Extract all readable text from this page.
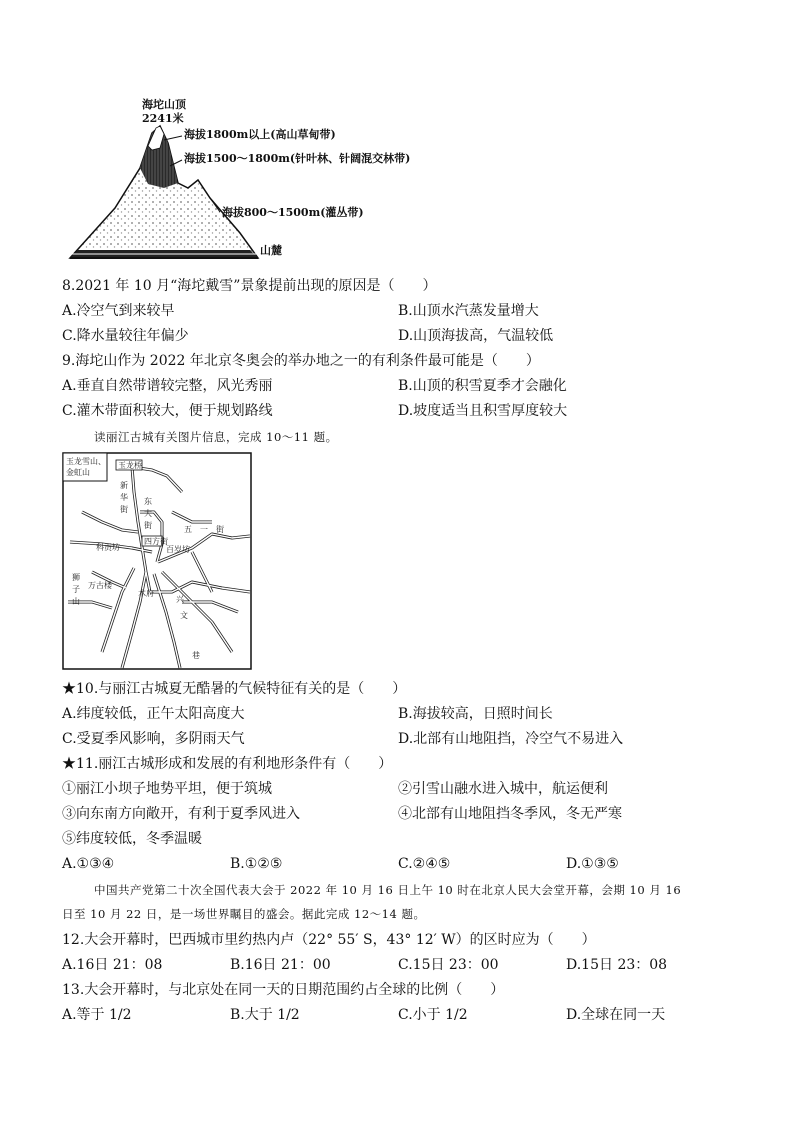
海坨山顶
2241米
海拔1800m以上(高山草甸带)
海拔1500～1800m(针叶林、针阔混交林带)
海拔800～1500m(灌丛带)
山麓
8.2021 年 10 月“海坨戴雪”景象提前出现的原因是（　　）
A.冷空气到来较早	B.山顶水汽蒸发量增大
C.降水量较往年偏少	D.山顶海拔高，气温较低
9.海坨山作为 2022 年北京冬奥会的举办地之一的有利条件最可能是（　　）
A.垂直自然带谱较完整，风光秀丽	B.山顶的积雪夏季才会融化
C.灌木带面积较大，便于规划路线	D.坡度适当且积雪厚度较大
读丽江古城有关图片信息，完成 10～11 题。
玉龙雪山、
金虹山
玉龙桥
新
华
街
东
大
街	五　一　街
科贡坊
四方街
百岁坊
狮
子
山
万古楼
木府
兴
文
巷
★10.与丽江古城夏无酷暑的气候特征有关的是（　　）
A.纬度较低，正午太阳高度大	B.海拔较高，日照时间长
C.受夏季风影响，多阴雨天气	D.北部有山地阻挡，冷空气不易进入
★11.丽江古城形成和发展的有利地形条件有（　　）
①丽江小坝子地势平坦，便于筑城	②引雪山融水进入城中，航运便利
③向东南方向敞开，有利于夏季风进入	④北部有山地阻挡冬季风，冬无严寒
⑤纬度较低，冬季温暖
A.①③④	B.①②⑤	C.②④⑤	D.①③⑤
中国共产党第二十次全国代表大会于 2022 年 10 月 16 日上午 10 时在北京人民大会堂开幕，会期 10 月 16
日至 10 月 22 日，是一场世界瞩目的盛会。据此完成 12～14 题。
12.大会开幕时，巴西城市里约热内卢（22° 55′ S，43° 12′ W）的区时应为（　　）
A.16日 21：08	B.16日 21：00	C.15日 23：00	D.15日 23：08
13.大会开幕时，与北京处在同一天的日期范围约占全球的比例（　　）
A.等于 1/2	B.大于 1/2	C.小于 1/2	D.全球在同一天
